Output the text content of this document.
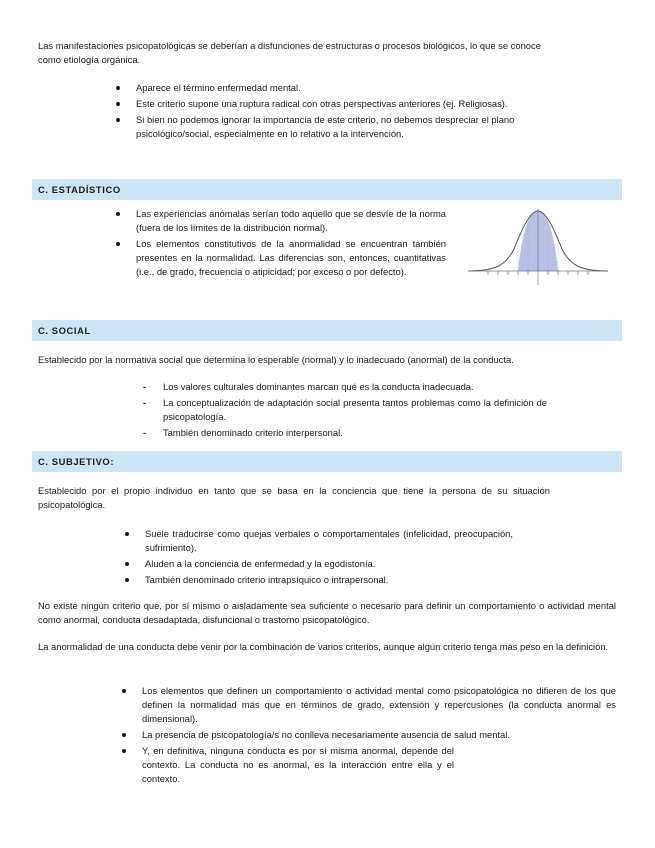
Las manifestaciones psicopatológicas se deberían a disfunciones de estructuras o procesos biológicos, lo que se conoce como etiología orgánica.

Aparece el término enfermedad mental.
Este criterio supone una ruptura radical con otras perspectivas anteriores (ej. Religiosas).
Si bien no podemos ignorar la importancia de este criterio, no debemos despreciar el plano psicológico/social, especialmente en lo relativo a la intervención.
C. ESTADÍSTICO
Las experiencias anómalas serían todo aquello que se desvíe de la norma (fuera de los límites de la distribución normal).
Los elementos constitutivos de la anormalidad se encuentran también presentes en la normalidad. Las diferencias son, entonces, cuantitativas (i.e., de grado, frecuencia o atipicidad; por exceso o por defecto).
C. SOCIAL

Establecido por la normativa social que determina lo esperable (normal) y lo inadecuado (anormal) de la conducta.

- Los valores culturales dominantes marcan qué es la conducta inadecuada.
- La conceptualización de adaptación social presenta tantos problemas como la definición de psicopatología.
- También denominado criterio interpersonal.
C. SUBJETIVO:

Establecido por el propio individuo en tanto que se basa en la conciencia que tiene la persona de su situación psicopatológica.

Suele traducirse como quejas verbales o comportamentales (infelicidad, preocupación, sufrimiento).
Aluden a la conciencia de enfermedad y la egodistonía.
También denominado criterio intrapsíquico o intrapersonal.

No existe ningún criterio que, por sí mismo o aisladamente sea suficiente o necesario para definir un comportamiento o actividad mental como anormal, conducta desadaptada, disfuncional o trastorno psicopatológico.

La anormalidad de una conducta debe venir por la combinación de varios criterios, aunque algún criterio tenga más peso en la definición.

Los elementos que definen un comportamiento o actividad mental como psicopatológica no difieren de los que definen la normalidad más que en términos de grado, extensión y repercusiones (la conducta anormal es dimensional).
La presencia de psicopatología/s no conlleva necesariamente ausencia de salud mental.
Y, en definitiva, ninguna conducta es por sí misma anormal, depende del contexto. La conducta no es anormal, es la interacción entre ella y el contexto.
